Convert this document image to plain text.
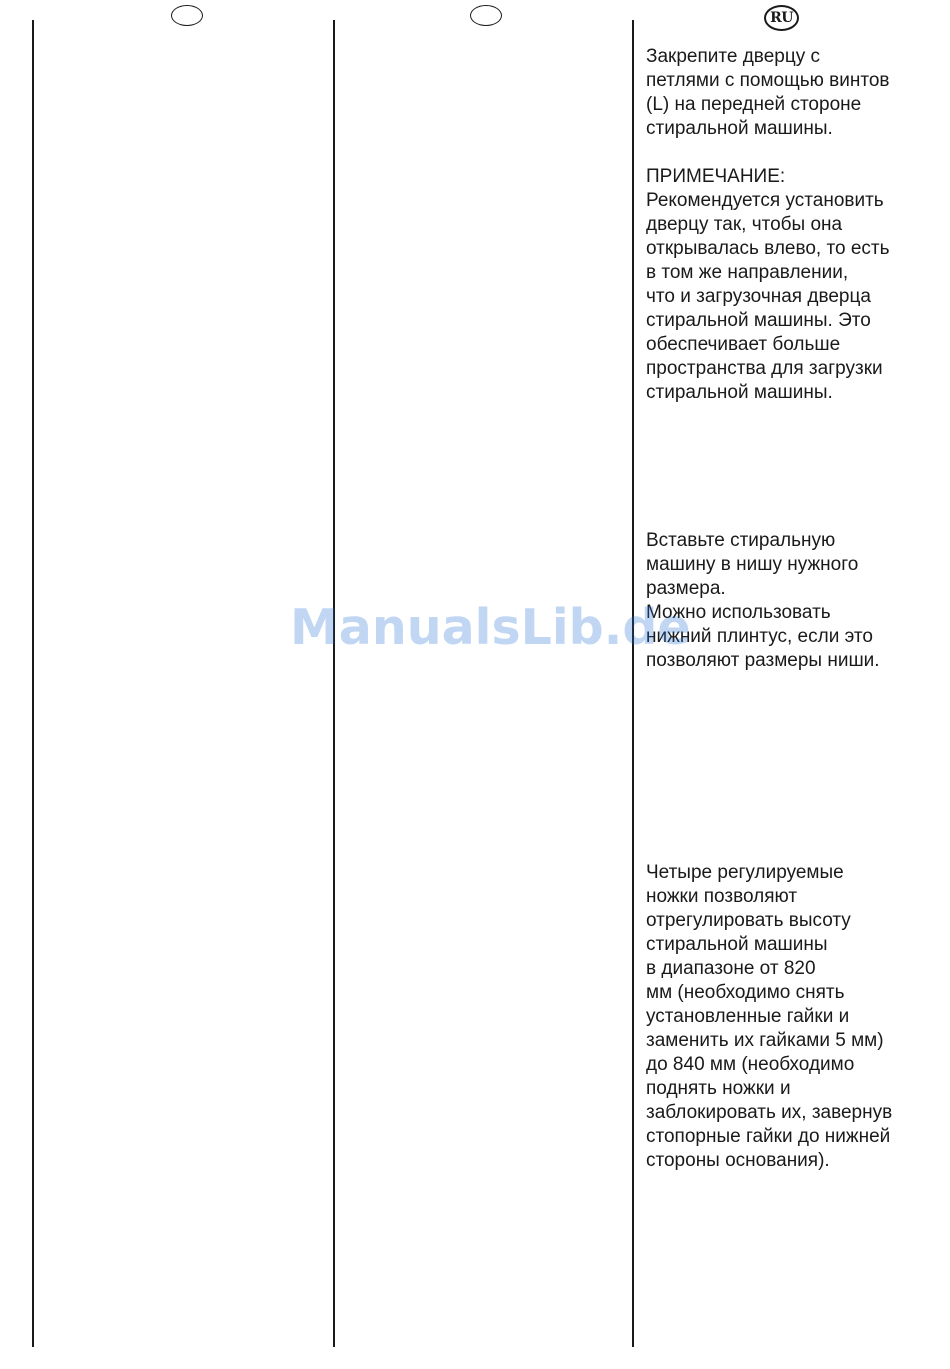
RU

Закрепите дверцу с
петлями с помощью винтов
(L) на передней стороне
стиральной машины.

ПРИМЕЧАНИЕ:

Рекомендуется установить
дверцу так, чтобы она
открывалась влево, то есть
в том же направлении,
что и загрузочная дверца
стиральной машины. Это
обеспечивает больше
пространства для загрузки
стиральной машины.

Вставьте стиральную
машину в нишу нужного
размера.
Можно использовать
нижний плинтус, если это
позволяют размеры ниши.

Четыре регулируемые
ножки позволяют
отрегулировать высоту
стиральной машины
в диапазоне от 820
мм (необходимо снять
установленные гайки и
заменить их гайками 5 мм)
до 840 мм (необходимо
поднять ножки и
заблокировать их, завернув
стопорные гайки до нижней
стороны основания).

ManualsLib.de
